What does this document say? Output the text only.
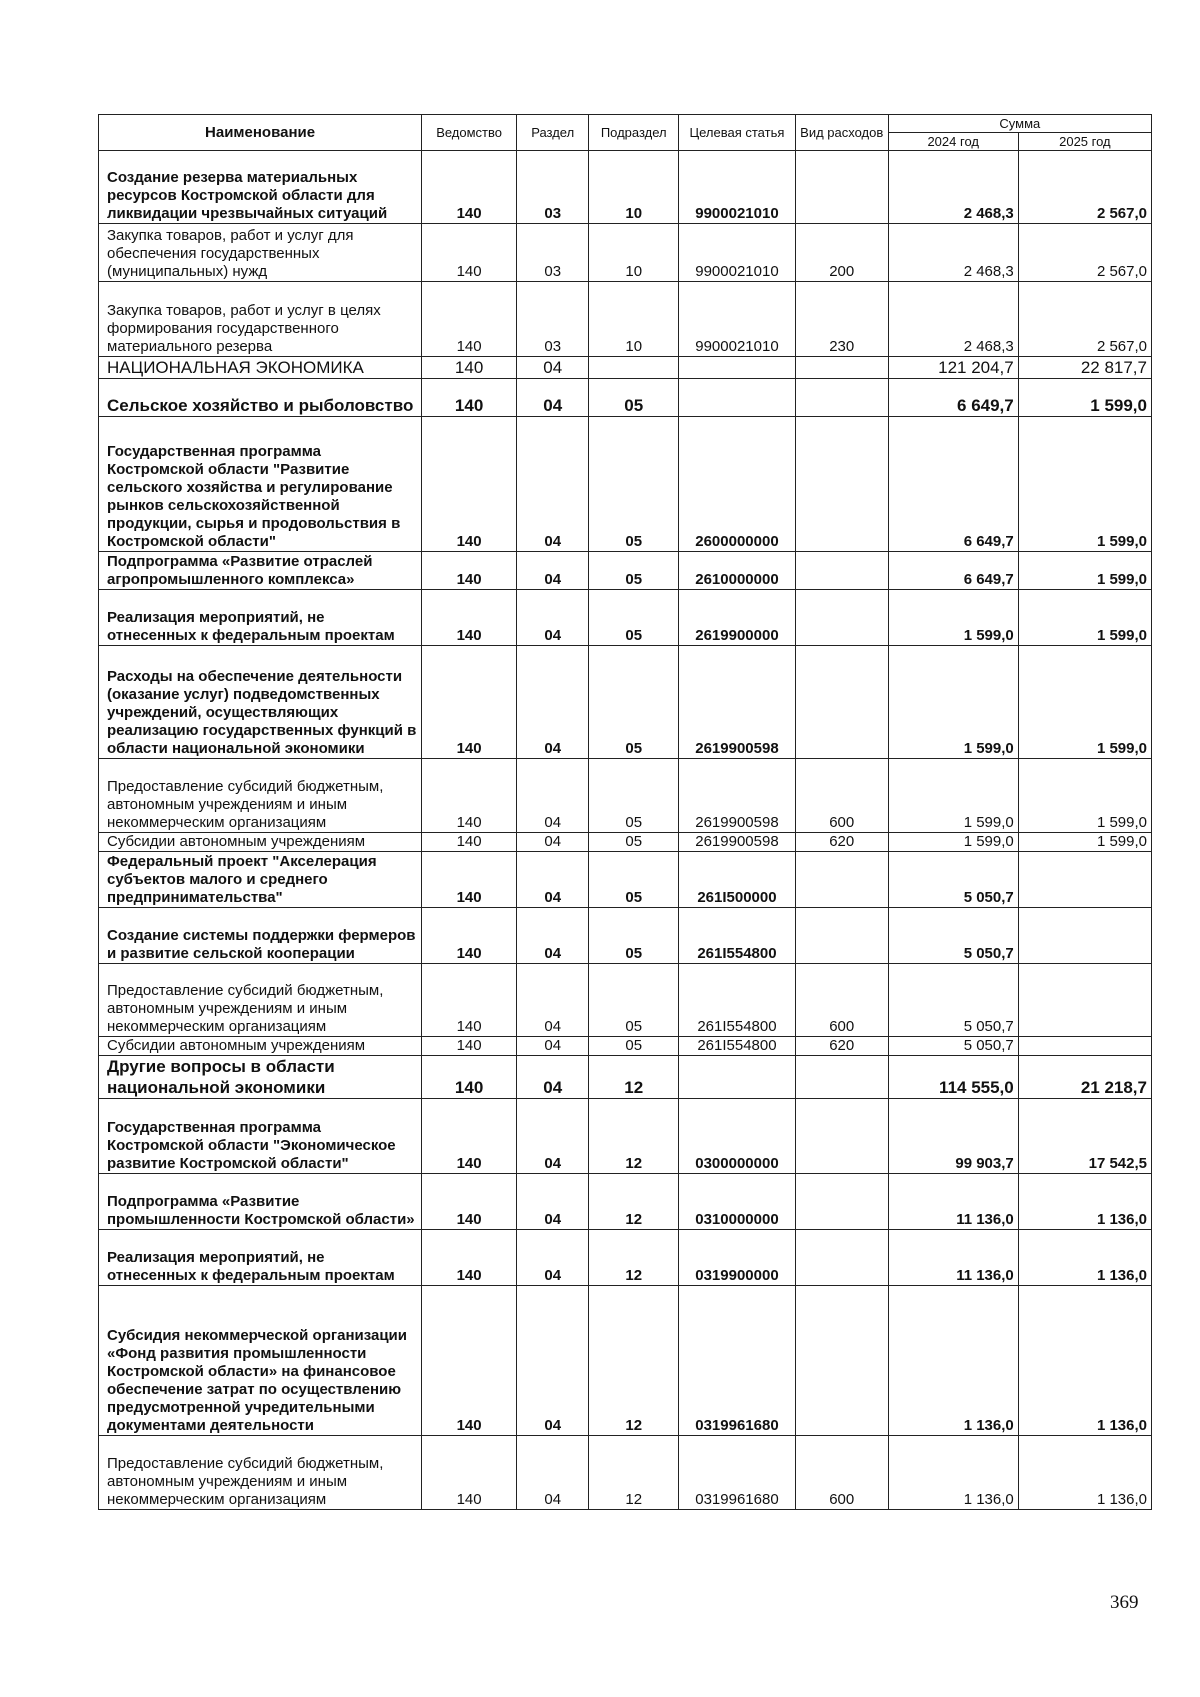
Наименование	Ведомство	Раздел	Подраздел	Целевая статья	Вид расходов	Сумма	
						2024 год	2025 год
Создание резерва материальных ресурсов Костромской области для ликвидации чрезвычайных ситуаций	140	03	10	9900021010		2 468,3	2 567,0
Закупка товаров, работ и услуг для обеспечения государственных (муниципальных) нужд	140	03	10	9900021010	200	2 468,3	2 567,0
Закупка товаров, работ и услуг в целях формирования государственного материального резерва	140	03	10	9900021010	230	2 468,3	2 567,0
НАЦИОНАЛЬНАЯ ЭКОНОМИКА	140	04				121 204,7	22 817,7
Сельское хозяйство и рыболовство	140	04	05			6 649,7	1 599,0
Государственная программа Костромской области "Развитие сельского хозяйства и регулирование рынков сельскохозяйственной продукции, сырья и продовольствия в Костромской области"	140	04	05	2600000000		6 649,7	1 599,0
Подпрограмма «Развитие отраслей агропромышленного комплекса»	140	04	05	2610000000		6 649,7	1 599,0
Реализация мероприятий, не отнесенных к федеральным проектам	140	04	05	2619900000		1 599,0	1 599,0
Расходы на обеспечение деятельности (оказание услуг) подведомственных учреждений, осуществляющих реализацию государственных функций в области национальной экономики	140	04	05	2619900598		1 599,0	1 599,0
Предоставление субсидий бюджетным, автономным учреждениям и иным некоммерческим организациям	140	04	05	2619900598	600	1 599,0	1 599,0
Субсидии автономным учреждениям	140	04	05	2619900598	620	1 599,0	1 599,0
Федеральный проект "Акселерация субъектов малого и среднего предпринимательства"	140	04	05	261I500000		5 050,7	
Создание системы поддержки фермеров и развитие сельской кооперации	140	04	05	261I554800		5 050,7	
Предоставление субсидий бюджетным, автономным учреждениям и иным некоммерческим организациям	140	04	05	261I554800	600	5 050,7	
Субсидии автономным учреждениям	140	04	05	261I554800	620	5 050,7	
Другие вопросы в области национальной экономики	140	04	12			114 555,0	21 218,7
Государственная программа Костромской области "Экономическое развитие Костромской области"	140	04	12	0300000000		99 903,7	17 542,5
Подпрограмма «Развитие промышленности Костромской области»	140	04	12	0310000000		11 136,0	1 136,0
Реализация мероприятий, не отнесенных к федеральным проектам	140	04	12	0319900000		11 136,0	1 136,0
Субсидия некоммерческой организации «Фонд развития промышленности Костромской области» на финансовое обеспечение затрат по осуществлению предусмотренной учредительными документами деятельности	140	04	12	0319961680		1 136,0	1 136,0
Предоставление субсидий бюджетным, автономным учреждениям и иным некоммерческим организациям	140	04	12	0319961680	600	1 136,0	1 136,0
369
